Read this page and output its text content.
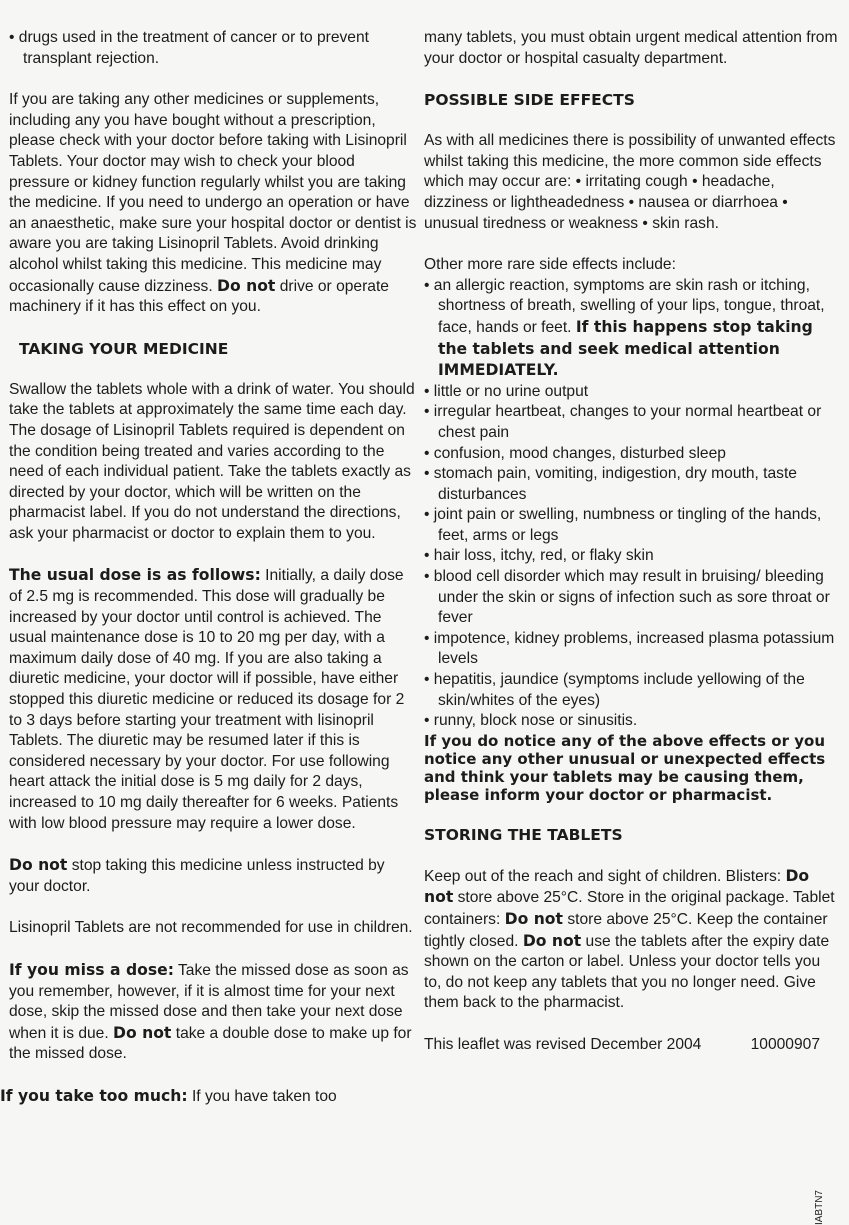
• drugs used in the treatment of cancer or to prevent transplant rejection.

If you are taking any other medicines or supplements, including any you have bought without a prescription, please check with your doctor before taking with Lisinopril Tablets. Your doctor may wish to check your blood pressure or kidney function regularly whilst you are taking the medicine. If you need to undergo an operation or have an anaesthetic, make sure your hospital doctor or dentist is aware you are taking Lisinopril Tablets. Avoid drinking alcohol whilst taking this medicine. This medicine may occasionally cause dizziness. Do not drive or operate machinery if it has this effect on you.

TAKING YOUR MEDICINE

Swallow the tablets whole with a drink of water. You should take the tablets at approximately the same time each day. The dosage of Lisinopril Tablets required is dependent on the condition being treated and varies according to the need of each individual patient. Take the tablets exactly as directed by your doctor, which will be written on the pharmacist label. If you do not understand the directions, ask your pharmacist or doctor to explain them to you.

The usual dose is as follows: Initially, a daily dose of 2.5 mg is recommended. This dose will gradually be increased by your doctor until control is achieved. The usual maintenance dose is 10 to 20 mg per day, with a maximum daily dose of 40 mg. If you are also taking a diuretic medicine, your doctor will if possible, have either stopped this diuretic medicine or reduced its dosage for 2 to 3 days before starting your treatment with lisinopril Tablets. The diuretic may be resumed later if this is considered necessary by your doctor. For use following heart attack the initial dose is 5 mg daily for 2 days, increased to 10 mg daily thereafter for 6 weeks. Patients with low blood pressure may require a lower dose.

Do not stop taking this medicine unless instructed by your doctor.

Lisinopril Tablets are not recommended for use in children.

If you miss a dose: Take the missed dose as soon as you remember, however, if it is almost time for your next dose, skip the missed dose and then take your next dose when it is due. Do not take a double dose to make up for the missed dose.

If you take too much: If you have taken too

many tablets, you must obtain urgent medical attention from your doctor or hospital casualty department.

POSSIBLE SIDE EFFECTS

As with all medicines there is possibility of unwanted effects whilst taking this medicine, the more common side effects which may occur are: • irritating cough • headache, dizziness or lightheadedness • nausea or diarrhoea • unusual tiredness or weakness • skin rash.

Other more rare side effects include:

• an allergic reaction, symptoms are skin rash or itching, shortness of breath, swelling of your lips, tongue, throat, face, hands or feet. If this happens stop taking the tablets and seek medical attention IMMEDIATELY.
• little or no urine output
• irregular heartbeat, changes to your normal heartbeat or chest pain
• confusion, mood changes, disturbed sleep
• stomach pain, vomiting, indigestion, dry mouth, taste disturbances
• joint pain or swelling, numbness or tingling of the hands, feet, arms or legs
• hair loss, itchy, red, or flaky skin
• blood cell disorder which may result in bruising/ bleeding under the skin or signs of infection such as sore throat or fever
• impotence, kidney problems, increased plasma potassium levels
• hepatitis, jaundice (symptoms include yellowing of the skin/whites of the eyes)
• runny, block nose or sinusitis.

If you do notice any of the above effects or you notice any other unusual or unexpected effects and think your tablets may be causing them, please inform your doctor or pharmacist.

STORING THE TABLETS

Keep out of the reach and sight of children. Blisters: Do not store above 25°C. Store in the original package. Tablet containers: Do not store above 25°C. Keep the container tightly closed. Do not use the tablets after the expiry date shown on the carton or label. Unless your doctor tells you to, do not keep any tablets that you no longer need. Give them back to the pharmacist.

This leaflet was revised December 2004	10000907
IABTN7
